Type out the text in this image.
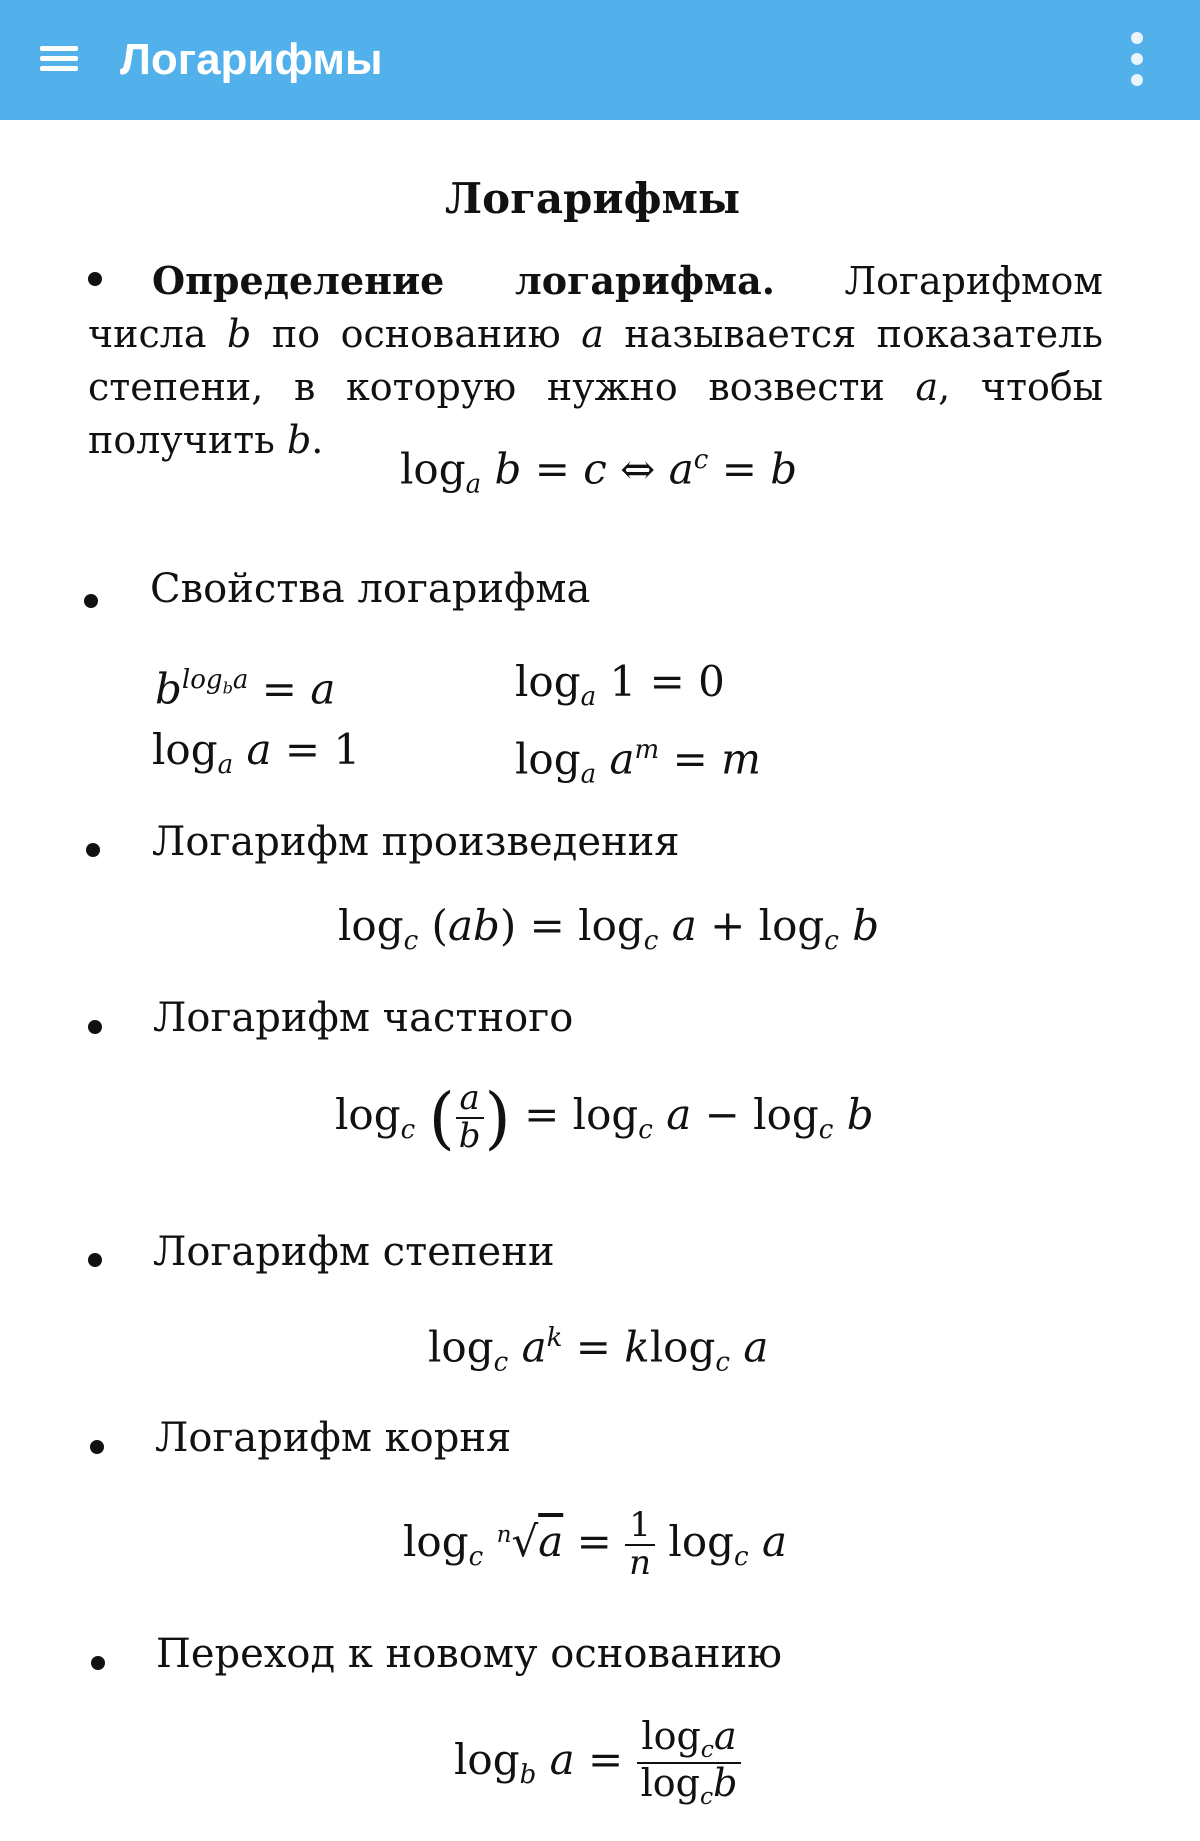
Логарифмы
Логарифмы
Определение логарифма. Логарифмом числа b по основанию a называется показатель степени, в которую нужно возвести a, чтобы получить b.
$\log_a b = c$ ⇔ $a^c = b$
Свойства логарифма
$b^{log_ba} = a$	$\log_a 1 = 0$
$\log_a a = 1$	$\log_a a^m = m$
Логарифм произведения
$\log_c (ab) = \log_c a + \log_c b$
Логарифм частного
$\log_c$ ( $\frac{a}{b}$ ) = $\log_c a - \log_c b$
Логарифм степени
$\log_c a^k = klog_c$ a
Логарифм корня
$\log_c ^n√a = \frac{1}{n} \log_c a$
Переход к новому основанию
$\log_b a = \frac{\log_ca}{\log_cb}$
